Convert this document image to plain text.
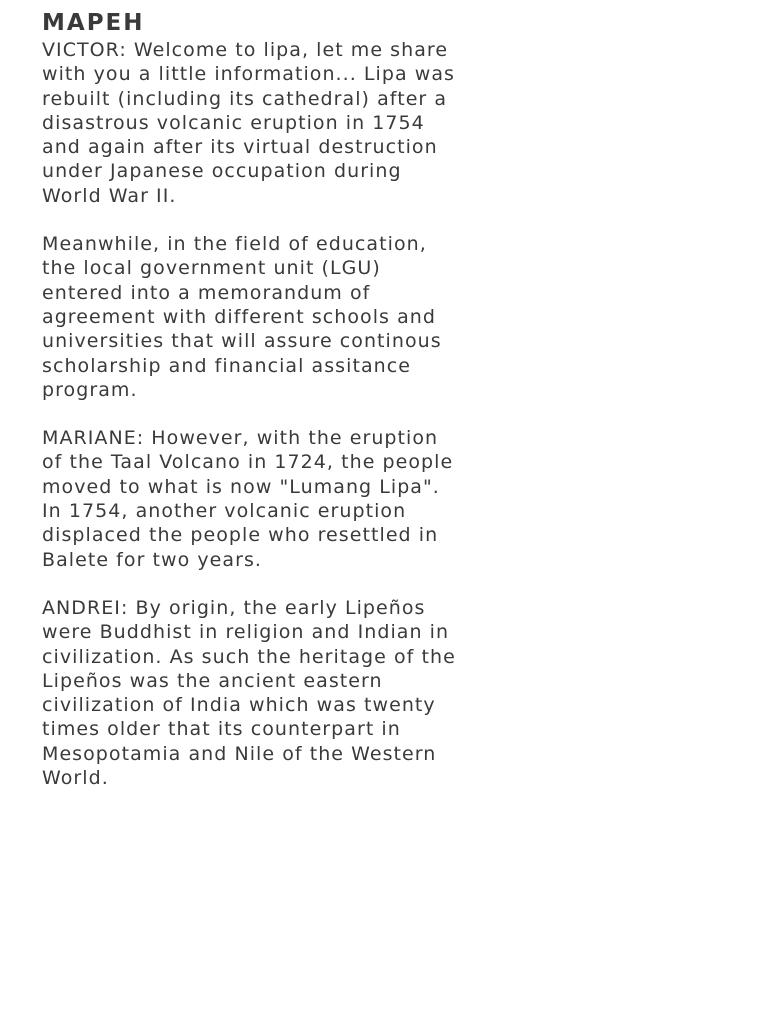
MAPEH

VICTOR: Welcome to lipa, let me share
with you a little information... Lipa was
rebuilt (including its cathedral) after a
disastrous volcanic eruption in 1754
and again after its virtual destruction
under Japanese occupation during
World War II.

Meanwhile, in the field of education,
the local government unit (LGU)
entered into a memorandum of
agreement with different schools and
universities that will assure continous
scholarship and financial assitance
program.

MARIANE: However, with the eruption
of the Taal Volcano in 1724, the people
moved to what is now "Lumang Lipa".
In 1754, another volcanic eruption
displaced the people who resettled in
Balete for two years.

ANDREI: By origin, the early Lipeños
were Buddhist in religion and Indian in
civilization. As such the heritage of the
Lipeños was the ancient eastern
civilization of India which was twenty
times older that its counterpart in
Mesopotamia and Nile of the Western
World.
